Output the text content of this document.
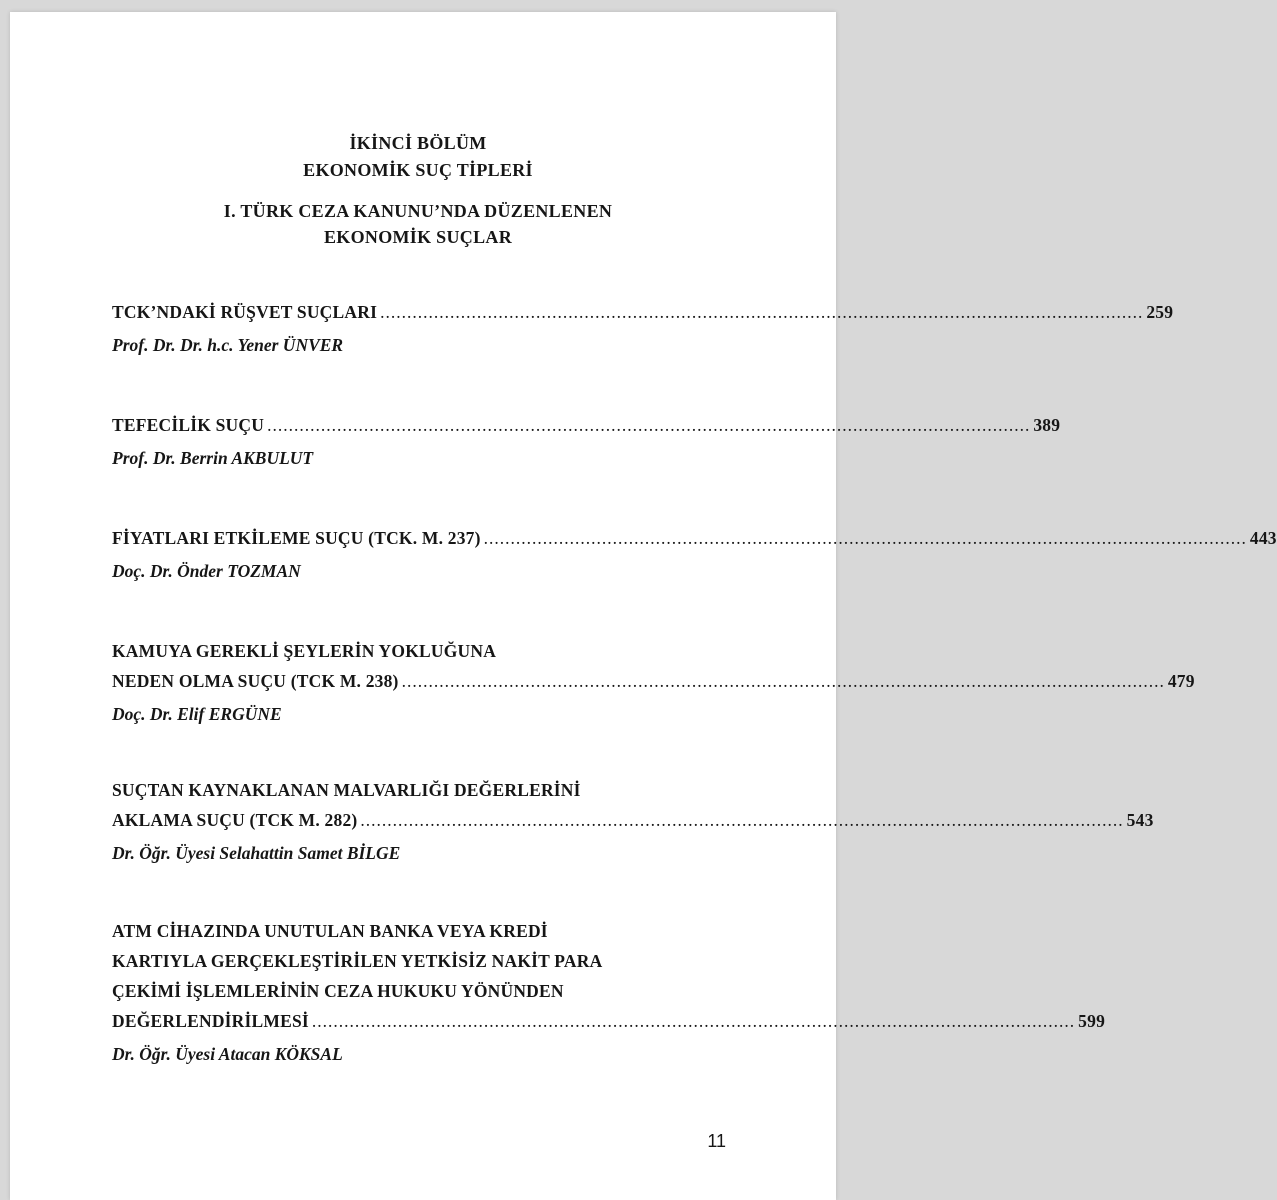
İKİNCİ BÖLÜM
EKONOMİK SUÇ TİPLERİ
I. TÜRK CEZA KANUNU’NDA DÜZENLENEN
EKONOMİK SUÇLAR
TCK’NDAKİ RÜŞVET SUÇLARI .............................................................................................................................................. 259
Prof. Dr. Dr. h.c. Yener ÜNVER
TEFECİLİK SUÇU .............................................................................................................................................. 389
Prof. Dr. Berrin AKBULUT
FİYATLARI ETKİLEME SUÇU (TCK. M. 237) .............................................................................................................................................. 443
Doç. Dr. Önder TOZMAN
KAMUYA GEREKLİ ŞEYLERİN YOKLUĞUNA
NEDEN OLMA SUÇU (TCK M. 238) .............................................................................................................................................. 479
Doç. Dr. Elif ERGÜNE
SUÇTAN KAYNAKLANAN MALVARLIĞI DEĞERLERİNİ
AKLAMA SUÇU (TCK M. 282) .............................................................................................................................................. 543
Dr. Öğr. Üyesi Selahattin Samet BİLGE
ATM CİHAZINDA UNUTULAN BANKA VEYA KREDİ
KARTIYLA GERÇEKLEŞTİRİLEN YETKİSİZ NAKİT PARA
ÇEKİMİ İŞLEMLERİNİN CEZA HUKUKU YÖNÜNDEN
DEĞERLENDİRİLMESİ .............................................................................................................................................. 599
Dr. Öğr. Üyesi Atacan KÖKSAL
11
